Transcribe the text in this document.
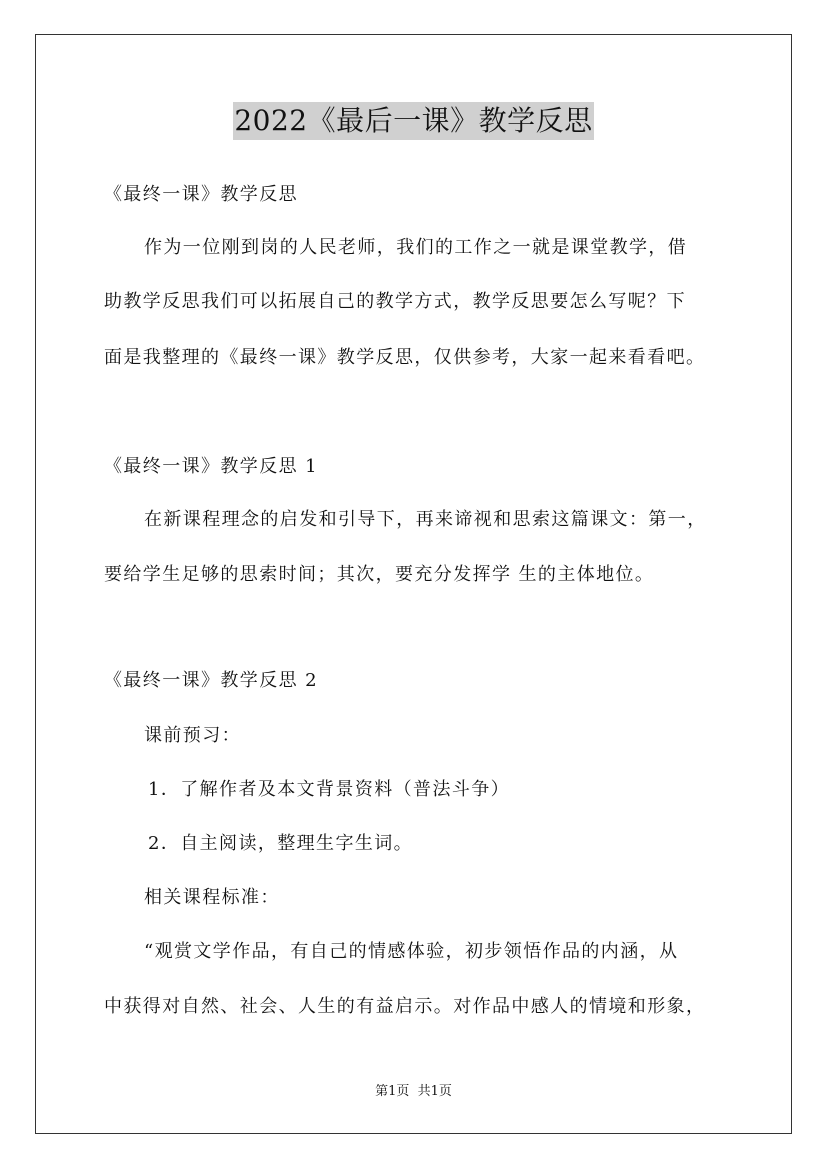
2022《最后一课》教学反思
《最终一课》教学反思
作为一位刚到岗的人民老师，我们的工作之一就是课堂教学，借
助教学反思我们可以拓展自己的教学方式，教学反思要怎么写呢？下
面是我整理的《最终一课》教学反思，仅供参考，大家一起来看看吧。
《最终一课》教学反思 1
在新课程理念的启发和引导下，再来谛视和思索这篇课文：第一，
要给学生足够的思索时间；其次，要充分发挥学 生的主体地位。
《最终一课》教学反思 2
课前预习：
1．了解作者及本文背景资料（普法斗争）
2．自主阅读，整理生字生词。
相关课程标准：
“观赏文学作品，有自己的情感体验，初步领悟作品的内涵，从
中获得对自然、社会、人生的有益启示。对作品中感人的情境和形象，
第1页  共1页
